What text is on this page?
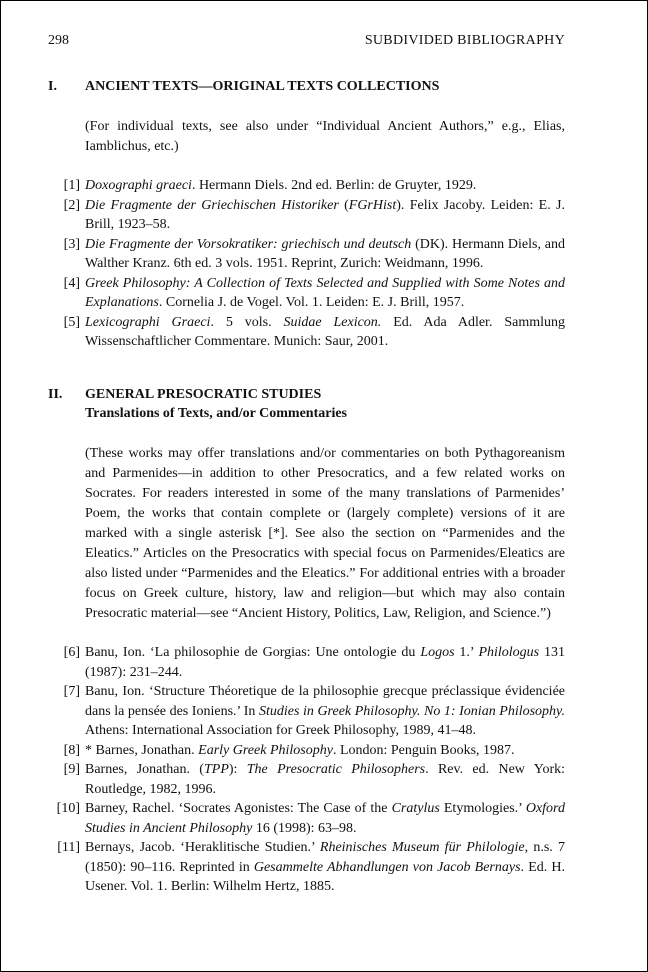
298	SUBDIVIDED BIBLIOGRAPHY
I. ANCIENT TEXTS—ORIGINAL TEXTS COLLECTIONS
(For individual texts, see also under “Individual Ancient Authors,” e.g., Elias, Iamblichus, etc.)
[1] Doxographi graeci. Hermann Diels. 2nd ed. Berlin: de Gruyter, 1929.
[2] Die Fragmente der Griechischen Historiker (FGrHist). Felix Jacoby. Leiden: E. J. Brill, 1923–58.
[3] Die Fragmente der Vorsokratiker: griechisch und deutsch (DK). Hermann Diels, and Walther Kranz. 6th ed. 3 vols. 1951. Reprint, Zurich: Weidmann, 1996.
[4] Greek Philosophy: A Collection of Texts Selected and Supplied with Some Notes and Explanations. Cornelia J. de Vogel. Vol. 1. Leiden: E. J. Brill, 1957.
[5] Lexicographi Graeci. 5 vols. Suidae Lexicon. Ed. Ada Adler. Sammlung Wissenschaftlicher Commentare. Munich: Saur, 2001.
II. GENERAL PRESOCRATIC STUDIES
Translations of Texts, and/or Commentaries
(These works may offer translations and/or commentaries on both Pythagoreanism and Parmenides—in addition to other Presocratics, and a few related works on Socrates. For readers interested in some of the many translations of Parmenides’ Poem, the works that contain complete or (largely complete) versions of it are marked with a single asterisk [*]. See also the section on “Parmenides and the Eleatics.” Articles on the Presocratics with special focus on Parmenides/Eleatics are also listed under “Parmenides and the Eleatics.” For additional entries with a broader focus on Greek culture, history, law and religion—but which may also contain Presocratic material—see “Ancient History, Politics, Law, Religion, and Science.”)
[6] Banu, Ion. ‘La philosophie de Gorgias: Une ontologie du Logos 1.’ Philologus 131 (1987): 231–244.
[7] Banu, Ion. ‘Structure Théoretique de la philosophie grecque préclassique évidenciée dans la pensée des Ioniens.’ In Studies in Greek Philosophy. No 1: Ionian Philosophy. Athens: International Association for Greek Philosophy, 1989, 41–48.
[8] * Barnes, Jonathan. Early Greek Philosophy. London: Penguin Books, 1987.
[9] Barnes, Jonathan. (TPP): The Presocratic Philosophers. Rev. ed. New York: Routledge, 1982, 1996.
[10] Barney, Rachel. ‘Socrates Agonistes: The Case of the Cratylus Etymologies.’ Oxford Studies in Ancient Philosophy 16 (1998): 63–98.
[11] Bernays, Jacob. ‘Heraklitische Studien.’ Rheinisches Museum für Philologie, n.s. 7 (1850): 90–116. Reprinted in Gesammelte Abhandlungen von Jacob Bernays. Ed. H. Usener. Vol. 1. Berlin: Wilhelm Hertz, 1885.
